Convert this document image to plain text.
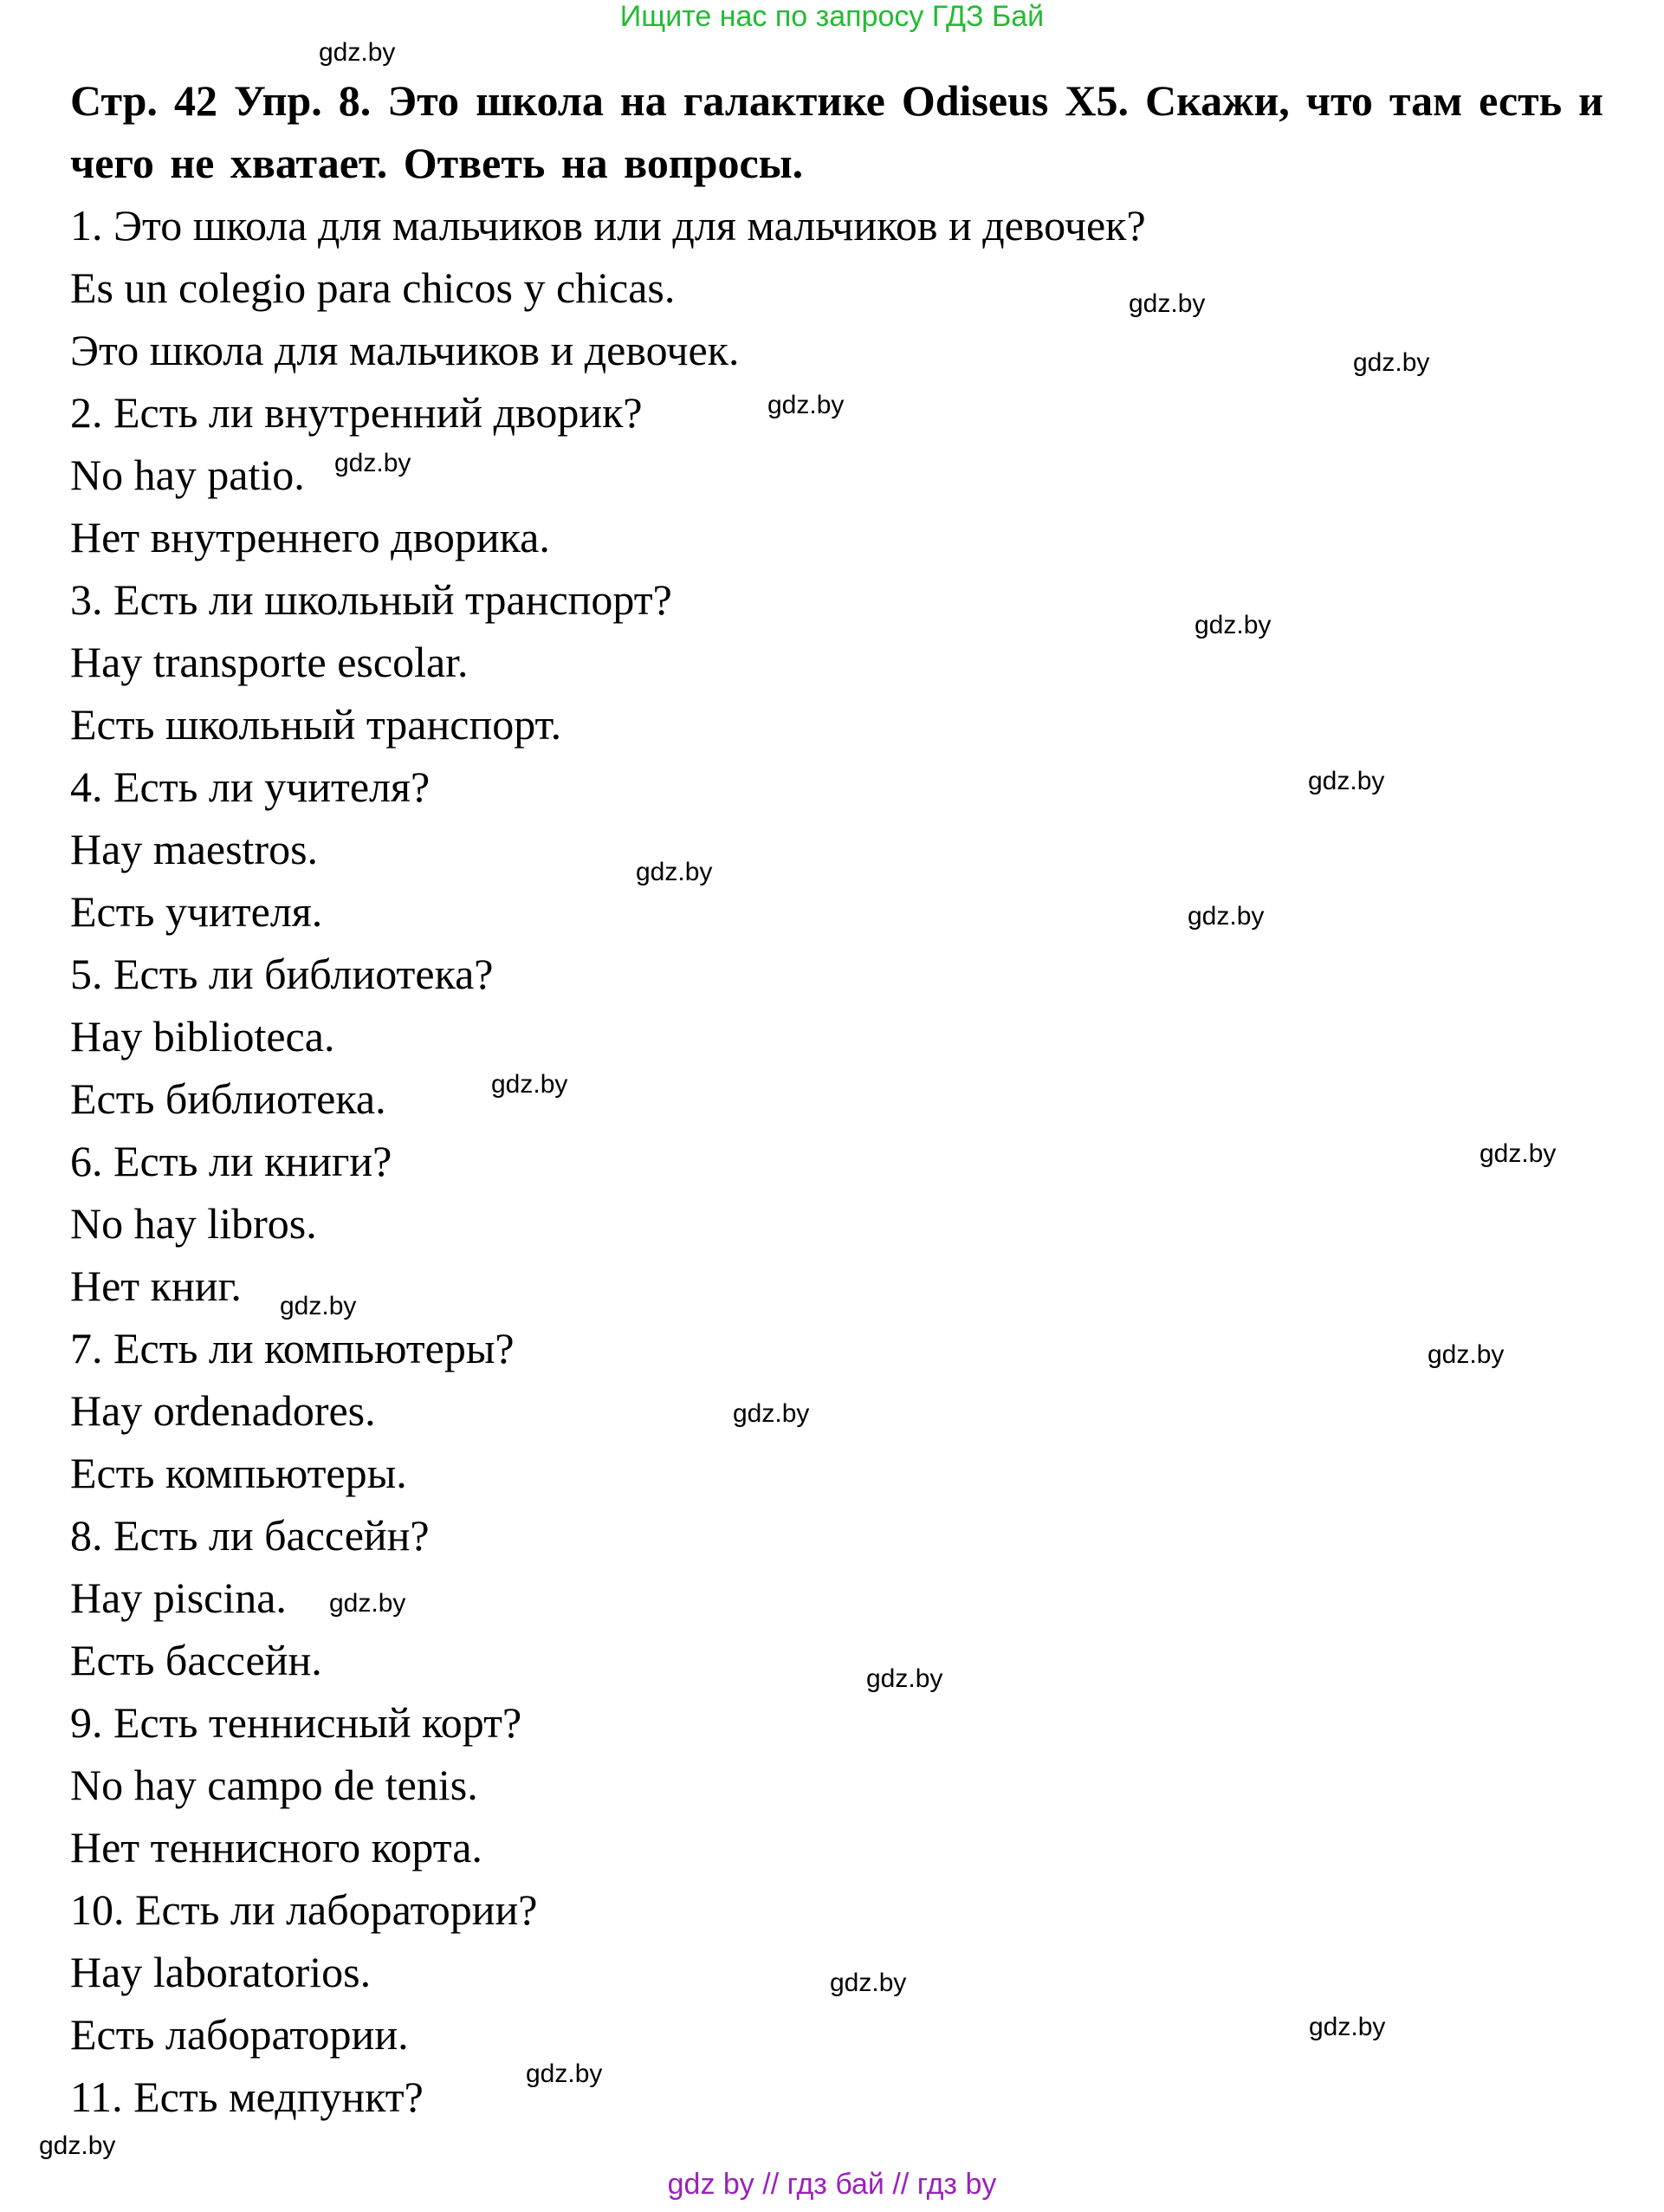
Ищите нас по запросу ГДЗ Бай
Стр. 42 Упр. 8. Это школа на галактике Odiseus X5. Скажи, что там есть и чего не хватает. Ответь на вопросы.
1. Это школа для мальчиков или для мальчиков и девочек?
Es un colegio para chicos y chicas.
Это школа для мальчиков и девочек.
2. Есть ли внутренний дворик?
No hay patio.
Нет внутреннего дворика.
3. Есть ли школьный транспорт?
Hay transporte escolar.
Есть школьный транспорт.
4. Есть ли учителя?
Hay maestros.
Есть учителя.
5. Есть ли библиотека?
Hay biblioteca.
Есть библиотека.
6. Есть ли книги?
No hay libros.
Нет книг.
7. Есть ли компьютеры?
Hay ordenadores.
Есть компьютеры.
8. Есть ли бассейн?
Hay piscina.
Есть бассейн.
9. Есть теннисный корт?
No hay campo de tenis.
Нет теннисного корта.
10. Есть ли лаборатории?
Hay laboratorios.
Есть лаборатории.
11. Есть медпункт?
gdz.by
gdz.by
gdz.by
gdz.by
gdz.by
gdz.by
gdz.by
gdz.by
gdz.by
gdz.by
gdz.by
gdz.by
gdz.by
gdz.by
gdz.by
gdz.by
gdz.by
gdz.by
gdz.by
gdz.by
gdz by // гдз бай // гдз by
